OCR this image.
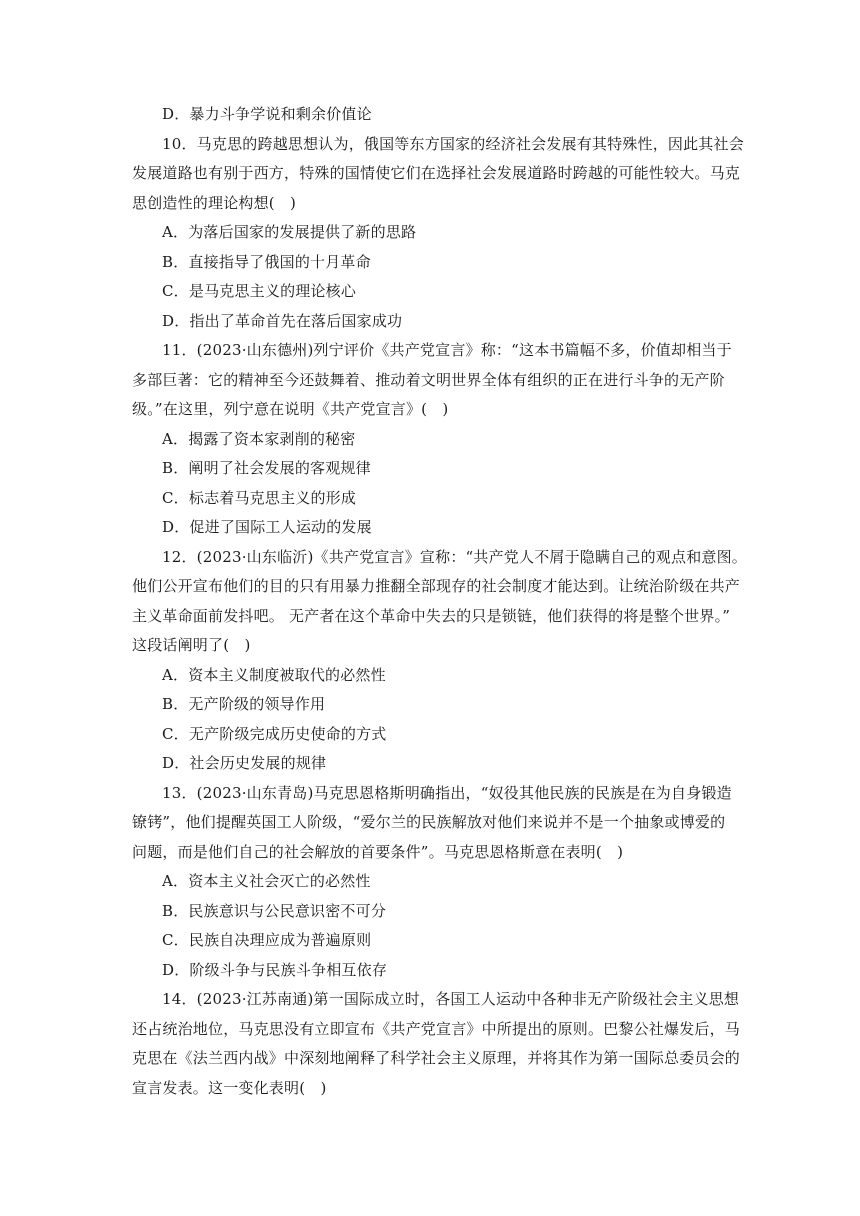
D．暴力斗争学说和剩余价值论
10．马克思的跨越思想认为，俄国等东方国家的经济社会发展有其特殊性，因此其社会
发展道路也有别于西方，特殊的国情使它们在选择社会发展道路时跨越的可能性较大。马克
思创造性的理论构想(　)
A．为落后国家的发展提供了新的思路
B．直接指导了俄国的十月革命
C．是马克思主义的理论核心
D．指出了革命首先在落后国家成功
11．(2023·山东德州)列宁评价《共产党宣言》称：“这本书篇幅不多，价值却相当于
多部巨著：它的精神至今还鼓舞着、推动着文明世界全体有组织的正在进行斗争的无产阶
级。”在这里，列宁意在说明《共产党宣言》(　)
A．揭露了资本家剥削的秘密
B．阐明了社会发展的客观规律
C．标志着马克思主义的形成
D．促进了国际工人运动的发展
12．(2023·山东临沂)《共产党宣言》宣称：“共产党人不屑于隐瞒自己的观点和意图。
他们公开宣布他们的目的只有用暴力推翻全部现存的社会制度才能达到。让统治阶级在共产
主义革命面前发抖吧。 无产者在这个革命中失去的只是锁链，他们获得的将是整个世界。”
这段话阐明了(　)
A．资本主义制度被取代的必然性
B．无产阶级的领导作用
C．无产阶级完成历史使命的方式
D．社会历史发展的规律
13．(2023·山东青岛)马克思恩格斯明确指出，“奴役其他民族的民族是在为自身锻造
镣铐”，他们提醒英国工人阶级，“爱尔兰的民族解放对他们来说并不是一个抽象或博爱的
问题，而是他们自己的社会解放的首要条件”。马克思恩格斯意在表明(　)
A．资本主义社会灭亡的必然性
B．民族意识与公民意识密不可分
C．民族自决理应成为普遍原则
D．阶级斗争与民族斗争相互依存
14．(2023·江苏南通)第一国际成立时，各国工人运动中各种非无产阶级社会主义思想
还占统治地位，马克思没有立即宣布《共产党宣言》中所提出的原则。巴黎公社爆发后，马
克思在《法兰西内战》中深刻地阐释了科学社会主义原理，并将其作为第一国际总委员会的
宣言发表。这一变化表明(　)
